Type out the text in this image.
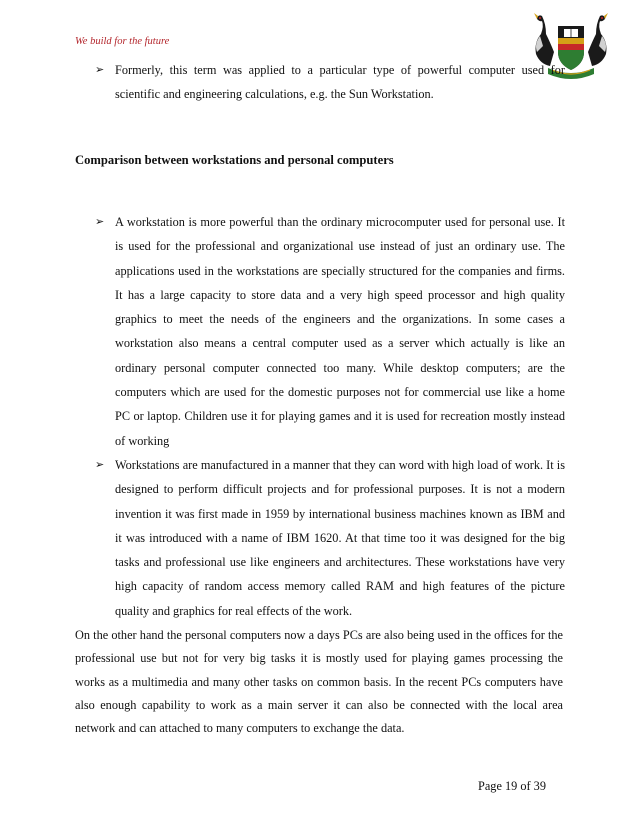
We build for the future
➢ Formerly, this term was applied to a particular type of powerful computer used for scientific and engineering calculations, e.g. the Sun Workstation.
Comparison between workstations and personal computers
➢ A workstation is more powerful than the ordinary microcomputer used for personal use. It is used for the professional and organizational use instead of just an ordinary use. The applications used in the workstations are specially structured for the companies and firms. It has a large capacity to store data and a very high speed processor and high quality graphics to meet the needs of the engineers and the organizations. In some cases a workstation also means a central computer used as a server which actually is like an ordinary personal computer connected too many. While desktop computers; are the computers which are used for the domestic purposes not for commercial use like a home PC or laptop. Children use it for playing games and it is used for recreation mostly instead of working
➢ Workstations are manufactured in a manner that they can word with high load of work. It is designed to perform difficult projects and for professional purposes. It is not a modern invention it was first made in 1959 by international business machines known as IBM and it was introduced with a name of IBM 1620. At that time too it was designed for the big tasks and professional use like engineers and architectures. These workstations have very high capacity of random access memory called RAM and high features of the picture quality and graphics for real effects of the work.
On the other hand the personal computers now a days PCs are also being used in the offices for the professional use but not for very big tasks it is mostly used for playing games processing the works as a multimedia and many other tasks on common basis. In the recent PCs computers have also enough capability to work as a main server it can also be connected with the local area network and can attached to many computers to exchange the data.
Page 19 of 39
